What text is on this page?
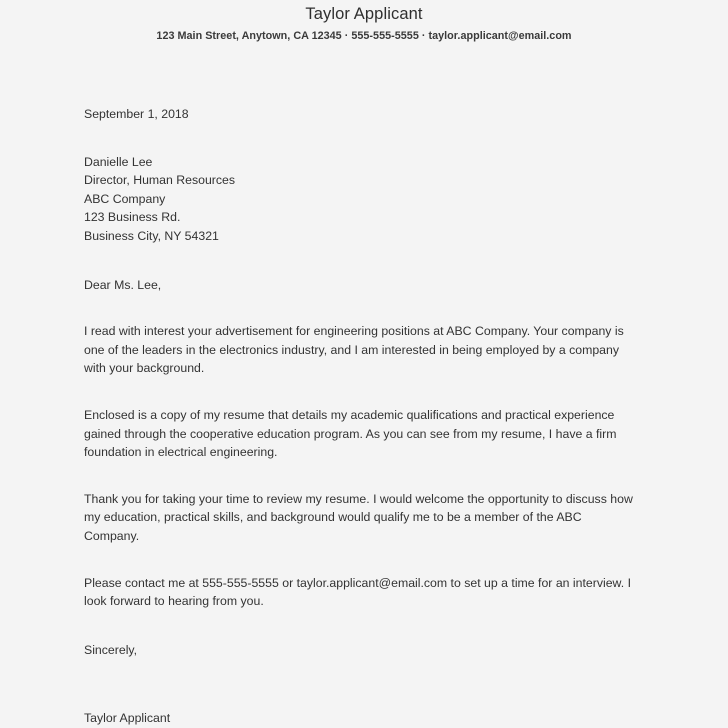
Taylor Applicant

123 Main Street, Anytown, CA 12345 · 555-555-5555 · taylor.applicant@email.com

September 1, 2018

Danielle Lee
Director, Human Resources
ABC Company
123 Business Rd.
Business City, NY 54321

Dear Ms. Lee,

I read with interest your advertisement for engineering positions at ABC Company. Your company is one of the leaders in the electronics industry, and I am interested in being employed by a company with your background.

Enclosed is a copy of my resume that details my academic qualifications and practical experience gained through the cooperative education program. As you can see from my resume, I have a firm foundation in electrical engineering.

Thank you for taking your time to review my resume. I would welcome the opportunity to discuss how my education, practical skills, and background would qualify me to be a member of the ABC Company.

Please contact me at 555-555-5555 or taylor.applicant@email.com to set up a time for an interview. I look forward to hearing from you.

Sincerely,

Taylor Applicant
